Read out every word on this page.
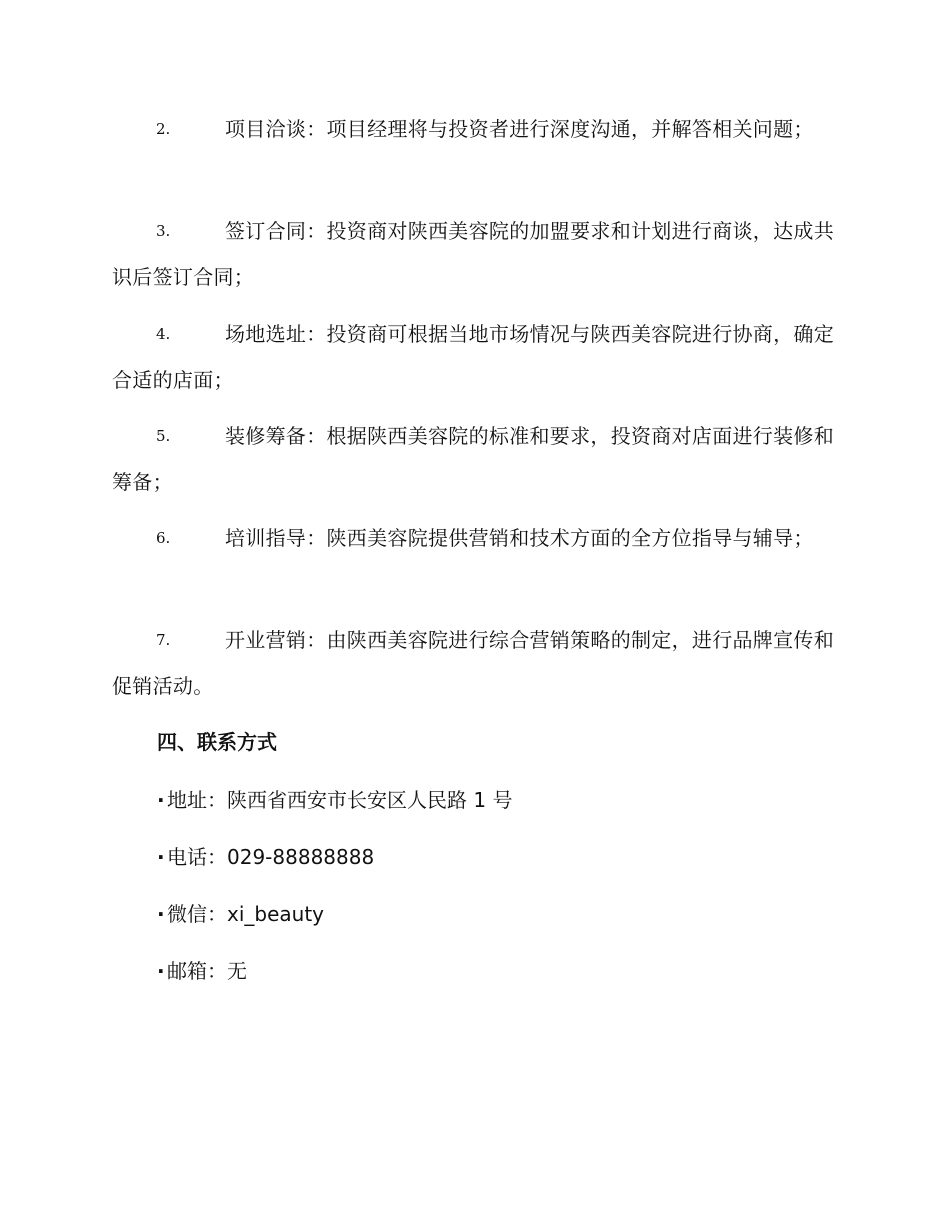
2.	项目洽谈：项目经理将与投资者进行深度沟通，并解答相关问题；
3.	签订合同：投资商对陕西美容院的加盟要求和计划进行商谈，达成共识后签订合同；
4.	场地选址：投资商可根据当地市场情况与陕西美容院进行协商，确定合适的店面；
5.	装修筹备：根据陕西美容院的标准和要求，投资商对店面进行装修和筹备；
6.	培训指导：陕西美容院提供营销和技术方面的全方位指导与辅导；
7.	开业营销：由陕西美容院进行综合营销策略的制定，进行品牌宣传和促销活动。
四、联系方式
· 地址：陕西省西安市长安区人民路 1 号
· 电话：029-88888888
· 微信：xi_beauty
· 邮箱：无
